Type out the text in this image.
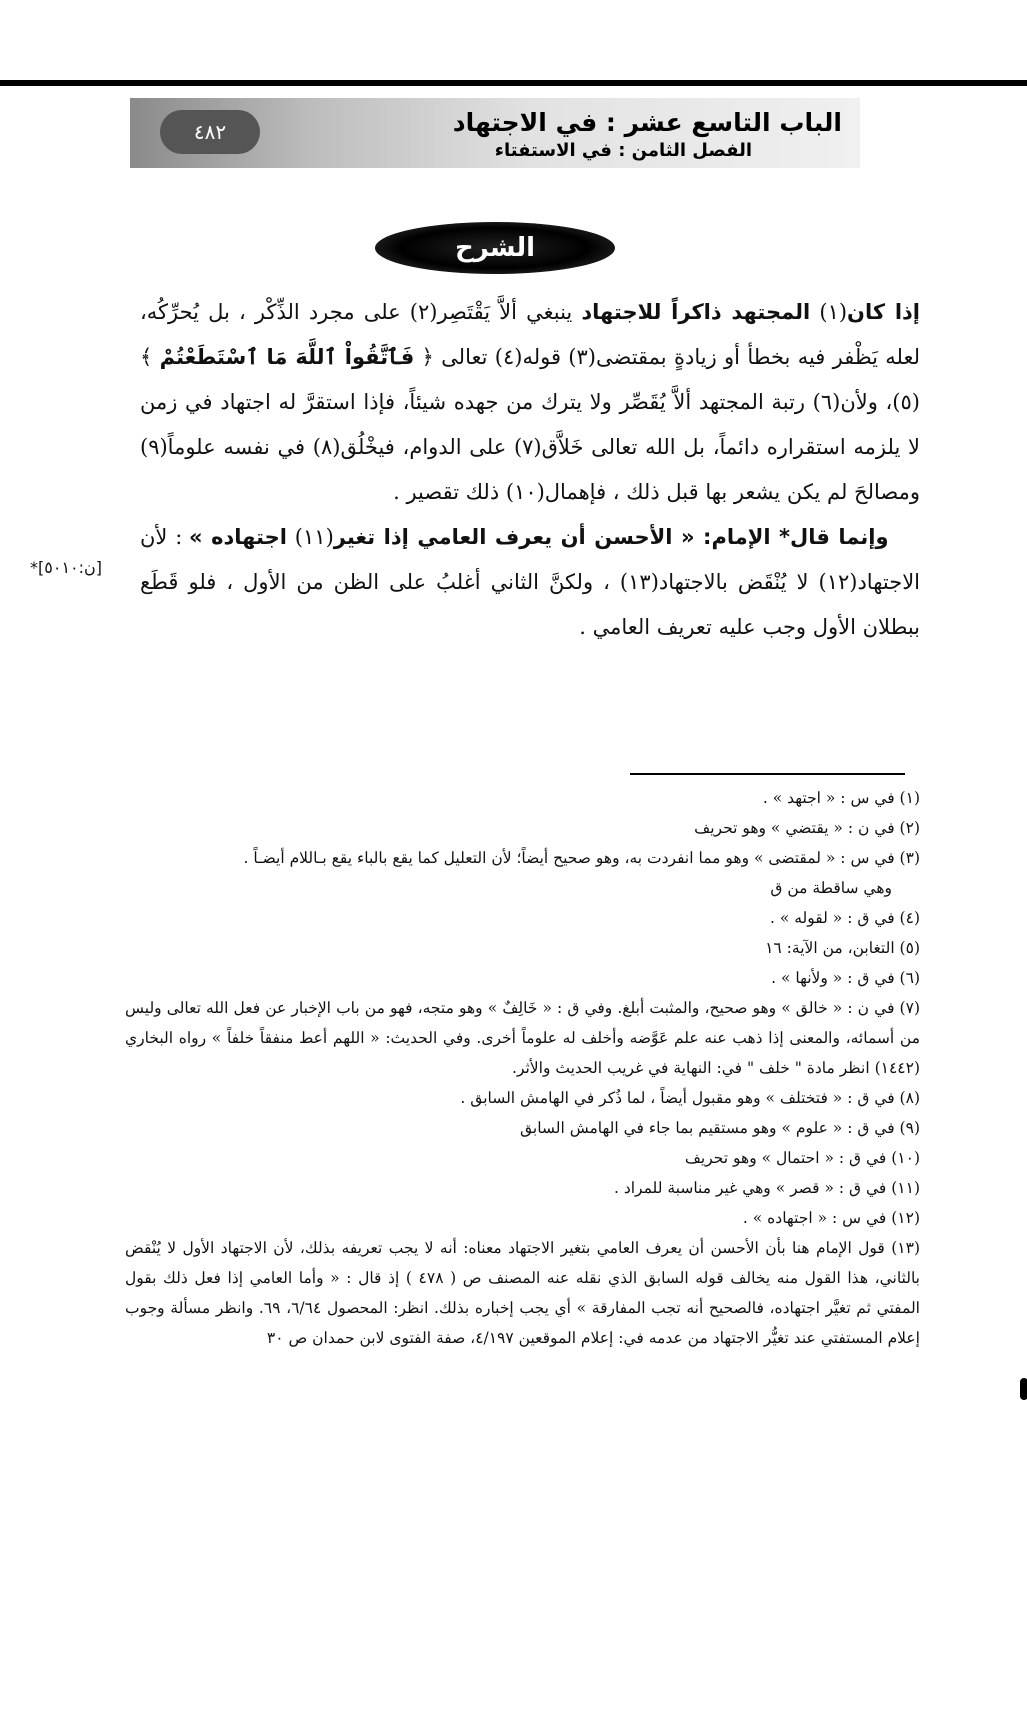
الباب التاسع عشر : في الاجتهاد
الفصل الثامن : في الاستفتاء
٤٨٢
الشرح
*[ن:٥٠١٠]

إذا كان(١) المجتهد ذاكراً للاجتهاد ينبغي ألاَّ يَقْتَصِر(٢) على مجرد الذِّكْر ، بل يُحرِّكُه، لعله يَظْفر فيه بخطأ أو زيادةٍ بمقتضى(٣) قوله(٤) تعالى ﴿ فَٱتَّقُواْ ٱللَّهَ مَا ٱسْتَطَعْتُمْ ﴾(٥)، ولأن(٦) رتبة المجتهد ألاَّ يُقَصِّر ولا يترك من جهده شيئاً، فإذا استقرَّ له اجتهاد في زمن لا يلزمه استقراره دائماً، بل الله تعالى خَلاَّق(٧) على الدوام، فيخْلُق(٨) في نفسه علوماً(٩) ومصالحَ لم يكن يشعر بها قبل ذلك ، فإهمال(١٠) ذلك تقصير .

وإنما قال* الإمام: « الأحسن أن يعرف العامي إذا تغير(١١) اجتهاده » : لأن الاجتهاد(١٢) لا يُنْقَض بالاجتهاد(١٣) ، ولكنَّ الثاني أغلبُ على الظن من الأول ، فلو قَطَع ببطلان الأول وجب عليه تعريف العامي .

(١) في س : « اجتهد » .
(٢) في ن : « يقتضي » وهو تحريف
(٣) في س : « لمقتضى » وهو مما انفردت به، وهو صحيح أيضاً؛ لأن التعليل كما يقع بالباء يقع بـاللام أيضـاً .
وهي ساقطة من ق
(٤) في ق : « لقوله » .
(٥) التغابن، من الآية: ١٦
(٦) في ق : « ولأنها » .
(٧) في ن : « خالق » وهو صحيح، والمثبت أبلغ. وفي ق : « خَالِفٌ » وهو متجه، فهو من باب الإخبار عن فعل الله تعالى وليس من أسمائه، والمعنى إذا ذهب عنه علم عَوَّضه وأخلف له علوماً أخرى. وفي الحديث: « اللهم أعط منفقاً خلفاً » رواه البخاري (١٤٤٢) انظر مادة " خلف " في: النهاية في غريب الحديث والأثر.
(٨) في ق : « فتختلف » وهو مقبول أيضاً ، لما ذُكر في الهامش السابق .
(٩) في ق : « علوم » وهو مستقيم بما جاء في الهامش السابق
(١٠) في ق : « احتمال » وهو تحريف
(١١) في ق : « قصر » وهي غير مناسبة للمراد .
(١٢) في س : « اجتهاده » .
(١٣) قول الإمام هنا بأن الأحسن أن يعرف العامي بتغير الاجتهاد معناه: أنه لا يجب تعريفه بذلك، لأن الاجتهاد الأول لا يُنْقض بالثاني، هذا القول منه يخالف قوله السابق الذي نقله عنه المصنف ص ( ٤٧٨ ) إذ قال : « وأما العامي إذا فعل ذلك بقول المفتي ثم تغيَّر اجتهاده، فالصحيح أنه تجب المفارقة » أي يجب إخباره بذلك. انظر: المحصول ٦/٦٤، ٦٩. وانظر مسألة وجوب إعلام المستفتي عند تغيُّر الاجتهاد من عدمه في: إعلام الموقعين ٤/١٩٧، صفة الفتوى لابن حمدان ص ٣٠
